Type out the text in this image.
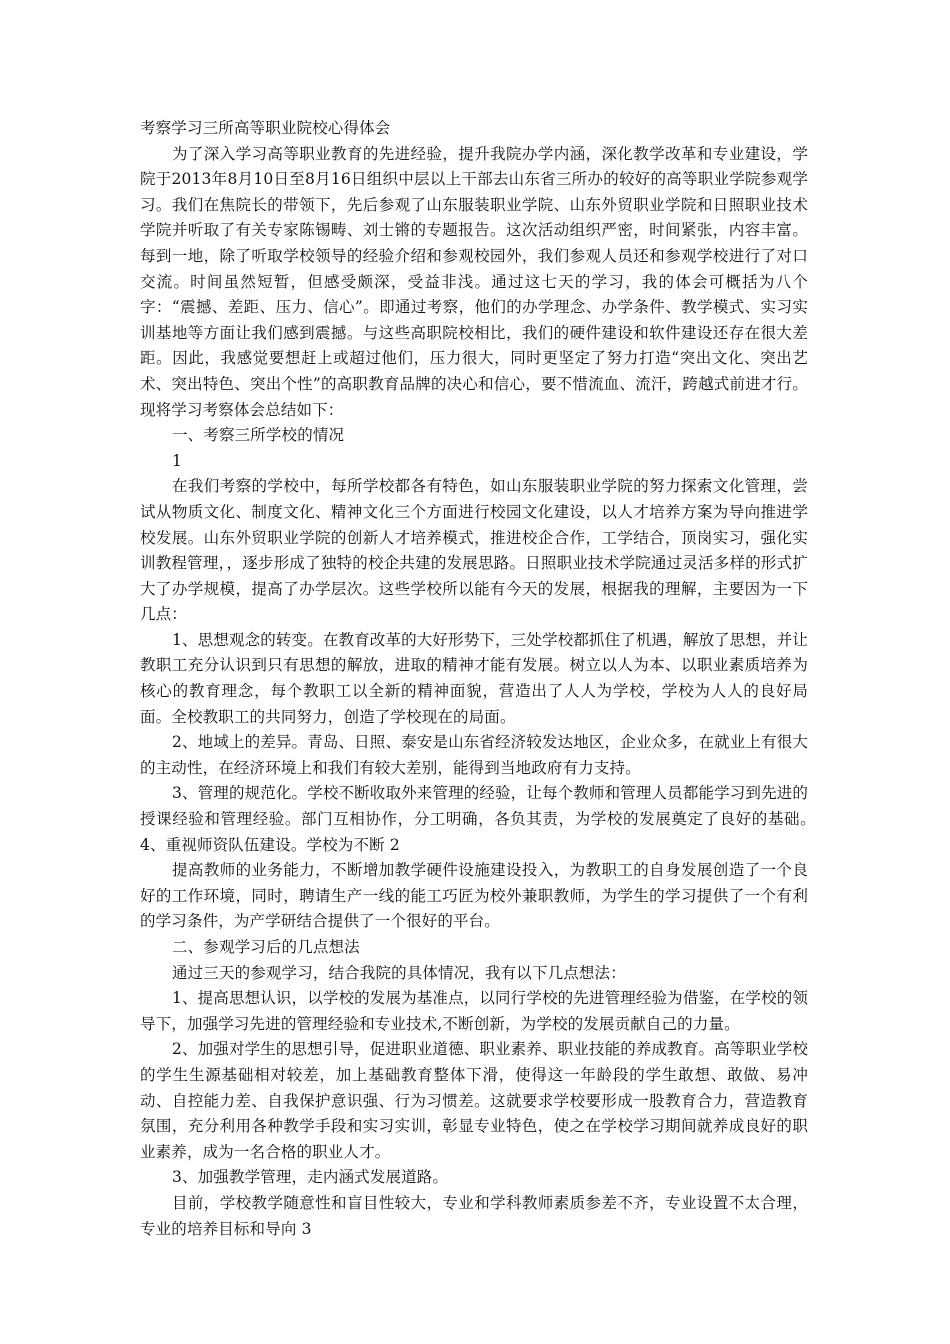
考察学习三所高等职业院校心得体会

为了深入学习高等职业教育的先进经验，提升我院办学内涵，深化教学改革和专业建设，学院于2013年8月10日至8月16日组织中层以上干部去山东省三所办的较好的高等职业学院参观学习。我们在焦院长的带领下，先后参观了山东服装职业学院、山东外贸职业学院和日照职业技术学院并听取了有关专家陈锡畴、刘士锵的专题报告。这次活动组织严密，时间紧张，内容丰富。每到一地，除了听取学校领导的经验介绍和参观校园外，我们参观人员还和参观学校进行了对口交流。时间虽然短暂，但感受颇深，受益非浅。通过这七天的学习，我的体会可概括为八个字：“震撼、差距、压力、信心”。即通过考察，他们的办学理念、办学条件、教学模式、实习实训基地等方面让我们感到震撼。与这些高职院校相比，我们的硬件建设和软件建设还存在很大差距。因此，我感觉要想赶上或超过他们，压力很大，同时更坚定了努力打造“突出文化、突出艺术、突出特色、突出个性”的高职教育品牌的决心和信心，要不惜流血、流汗，跨越式前进才行。现将学习考察体会总结如下：

一、考察三所学校的情况

1

在我们考察的学校中，每所学校都各有特色，如山东服装职业学院的努力探索文化管理，尝试从物质文化、制度文化、精神文化三个方面进行校园文化建设，以人才培养方案为导向推进学校发展。山东外贸职业学院的创新人才培养模式，推进校企合作，工学结合，顶岗实习，强化实训教程管理，，逐步形成了独特的校企共建的发展思路。日照职业技术学院通过灵活多样的形式扩大了办学规模，提高了办学层次。这些学校所以能有今天的发展，根据我的理解，主要因为一下几点：

1、思想观念的转变。在教育改革的大好形势下，三处学校都抓住了机遇，解放了思想，并让教职工充分认识到只有思想的解放，进取的精神才能有发展。树立以人为本、以职业素质培养为核心的教育理念，每个教职工以全新的精神面貌，营造出了人人为学校，学校为人人的良好局面。全校教职工的共同努力，创造了学校现在的局面。

2、地域上的差异。青岛、日照、泰安是山东省经济较发达地区，企业众多，在就业上有很大的主动性，在经济环境上和我们有较大差别，能得到当地政府有力支持。

3、管理的规范化。学校不断收取外来管理的经验，让每个教师和管理人员都能学习到先进的授课经验和管理经验。部门互相协作，分工明确，各负其责，为学校的发展奠定了良好的基础。　4、重视师资队伍建设。学校为不断 2

提高教师的业务能力，不断增加教学硬件设施建设投入，为教职工的自身发展创造了一个良好的工作环境，同时，聘请生产一线的能工巧匠为校外兼职教师，为学生的学习提供了一个有利的学习条件，为产学研结合提供了一个很好的平台。

二、参观学习后的几点想法

通过三天的参观学习，结合我院的具体情况，我有以下几点想法：

1、提高思想认识，以学校的发展为基准点，以同行学校的先进管理经验为借鉴，在学校的领导下，加强学习先进的管理经验和专业技术,不断创新，为学校的发展贡献自己的力量。

2、加强对学生的思想引导，促进职业道德、职业素养、职业技能的养成教育。高等职业学校的学生生源基础相对较差，加上基础教育整体下滑，使得这一年龄段的学生敢想、敢做、易冲动、自控能力差、自我保护意识强、行为习惯差。这就要求学校要形成一股教育合力，营造教育氛围，充分利用各种教学手段和实习实训，彰显专业特色，使之在学校学习期间就养成良好的职业素养，成为一名合格的职业人才。

3、加强教学管理，走内涵式发展道路。

目前，学校教学随意性和盲目性较大，专业和学科教师素质参差不齐，专业设置不太合理，专业的培养目标和导向 3
